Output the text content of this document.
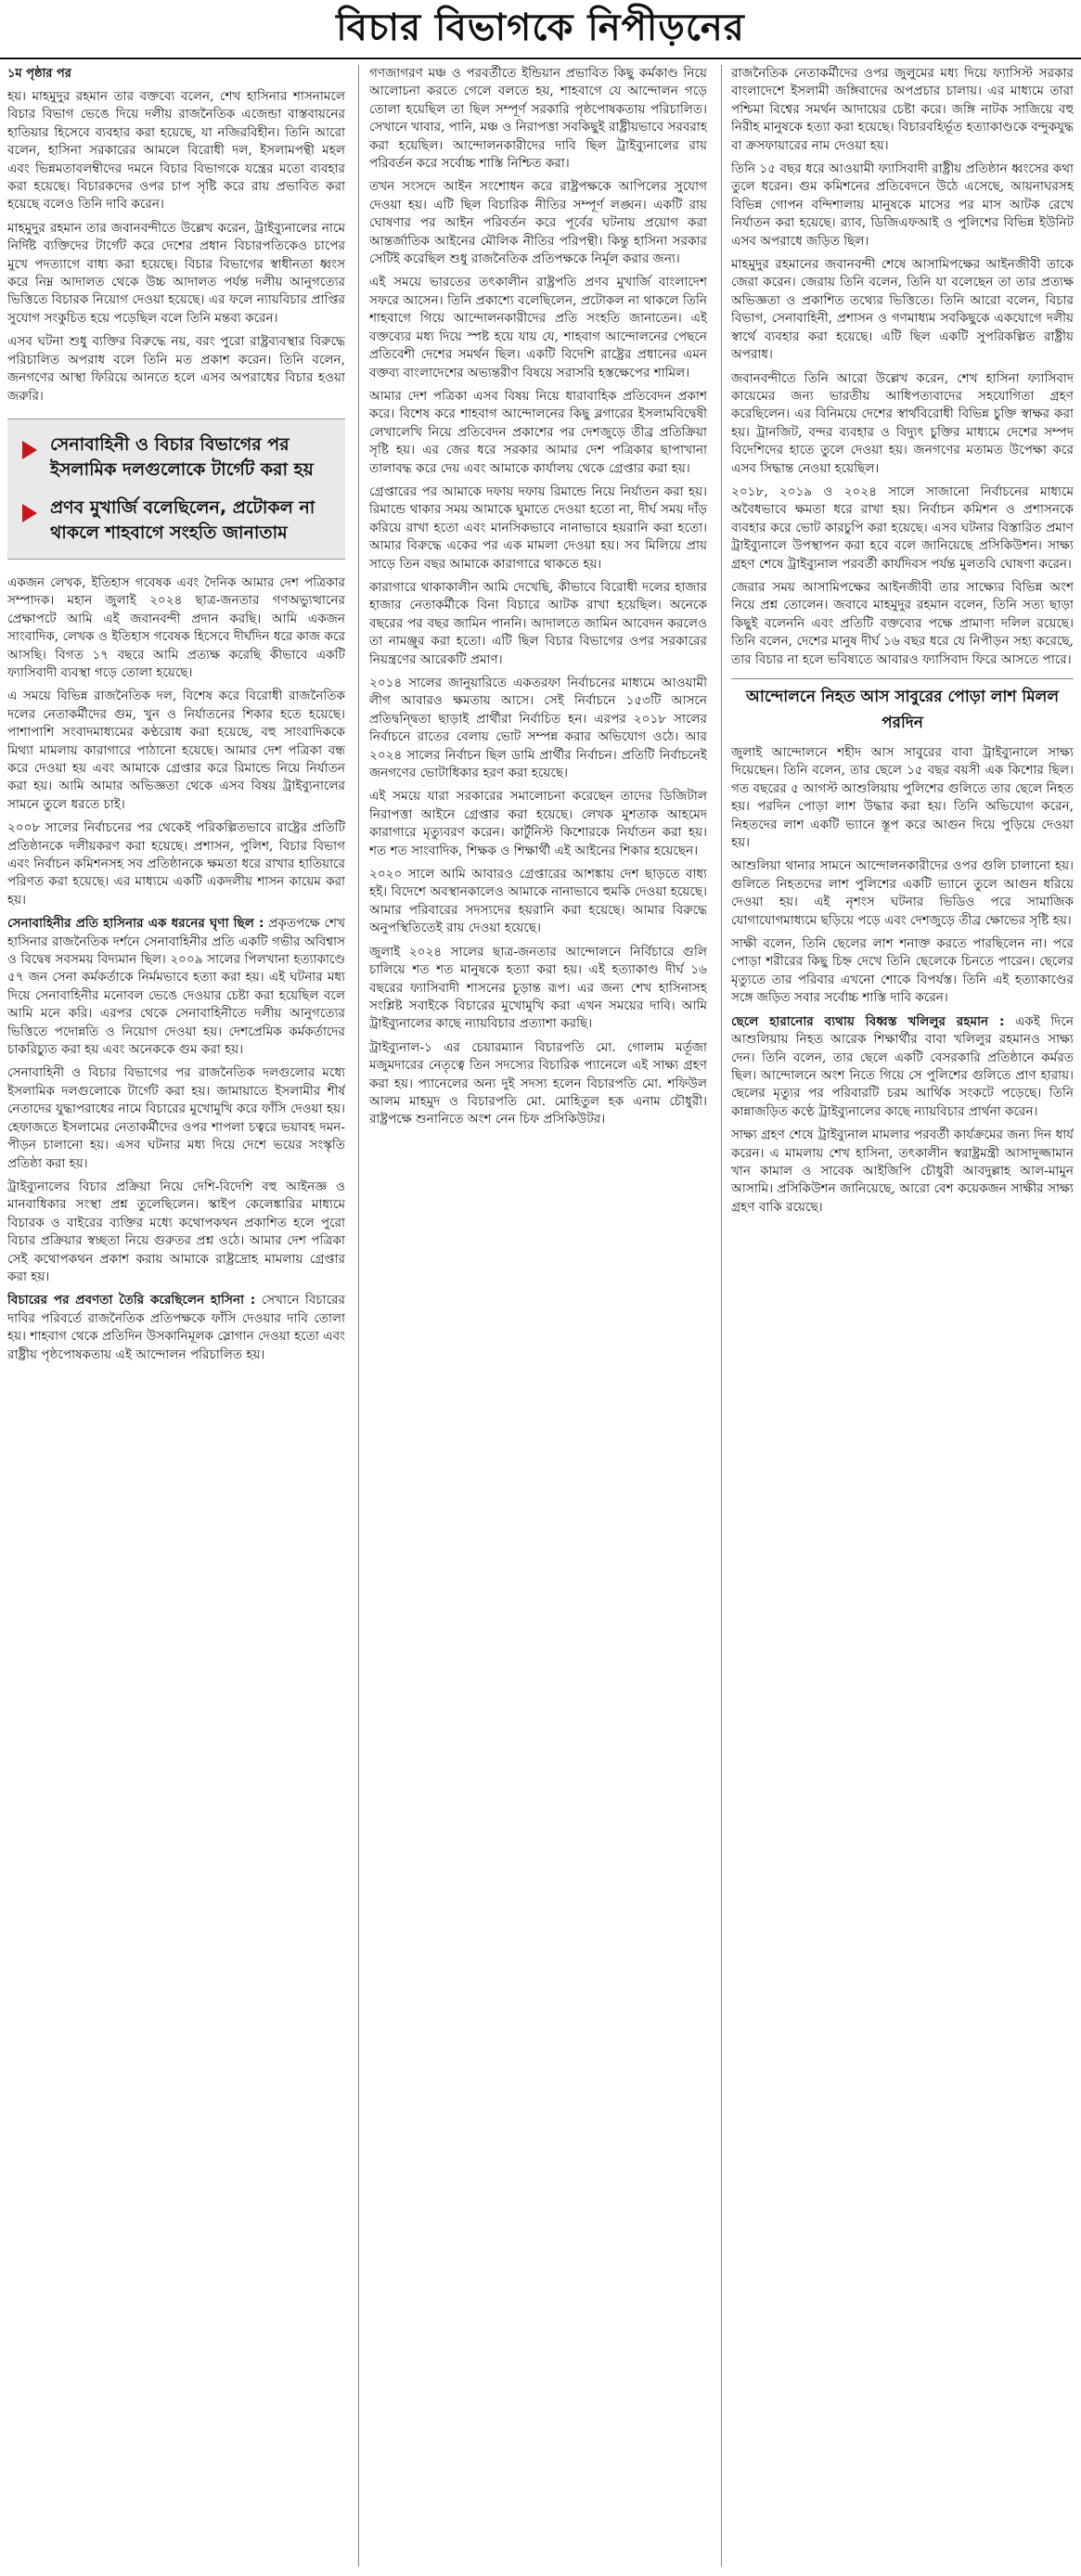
বিচার বিভাগকে নিপীড়নের
১ম পৃষ্ঠার পর

হয়। মাহমুদুর রহমান তার বক্তব্যে বলেন, শেখ হাসিনার শাসনামলে বিচার বিভাগ ভেঙে দিয়ে দলীয় রাজনৈতিক এজেন্ডা বাস্তবায়নের হাতিয়ার হিসেবে ব্যবহার করা হয়েছে, যা নজিরবিহীন। তিনি আরো বলেন, হাসিনা সরকারের আমলে বিরোধী দল, ইসলামপন্থী মহল এবং ভিন্নমতাবলম্বীদের দমনে বিচার বিভাগকে যন্ত্রের মতো ব্যবহার করা হয়েছে। বিচারকদের ওপর চাপ সৃষ্টি করে রায় প্রভাবিত করা হয়েছে বলেও তিনি দাবি করেন।

মাহমুদুর রহমান তার জবানবন্দীতে উল্লেখ করেন, ট্রাইব্যুনালের নামে নির্দিষ্ট ব্যক্তিদের টার্গেট করে দেশের প্রধান বিচারপতিকেও চাপের মুখে পদত্যাগে বাধ্য করা হয়েছে। বিচার বিভাগের স্বাধীনতা ধ্বংস করে নিম্ন আদালত থেকে উচ্চ আদালত পর্যন্ত দলীয় আনুগত্যের ভিত্তিতে বিচারক নিয়োগ দেওয়া হয়েছে। এর ফলে ন্যায়বিচার প্রাপ্তির সুযোগ সংকুচিত হয়ে পড়েছিল বলে তিনি মন্তব্য করেন।

এসব ঘটনা শুধু ব্যক্তির বিরুদ্ধে নয়, বরং পুরো রাষ্ট্রব্যবস্থার বিরুদ্ধে পরিচালিত অপরাধ বলে তিনি মত প্রকাশ করেন। তিনি বলেন, জনগণের আস্থা ফিরিয়ে আনতে হলে এসব অপরাধের বিচার হওয়া জরুরি।

সেনাবাহিনী ও বিচার বিভাগের পর ইসলামিক দলগুলোকে টার্গেট করা হয়
প্রণব মুখার্জি বলেছিলেন, প্রটোকল না থাকলে শাহবাগে সংহতি জানাতাম

একজন লেখক, ইতিহাস গবেষক এবং দৈনিক আমার দেশ পত্রিকার সম্পাদক। মহান জুলাই ২০২৪ ছাত্র-জনতার গণঅভ্যুত্থানের প্রেক্ষাপটে আমি এই জবানবন্দী প্রদান করছি। আমি একজন সাংবাদিক, লেখক ও ইতিহাস গবেষক হিসেবে দীর্ঘদিন ধরে কাজ করে আসছি। বিগত ১৭ বছরে আমি প্রত্যক্ষ করেছি কীভাবে একটি ফ্যাসিবাদী ব্যবস্থা গড়ে তোলা হয়েছে।

এ সময়ে বিভিন্ন রাজনৈতিক দল, বিশেষ করে বিরোধী রাজনৈতিক দলের নেতাকর্মীদের গুম, খুন ও নির্যাতনের শিকার হতে হয়েছে। পাশাপাশি সংবাদমাধ্যমের কণ্ঠরোধ করা হয়েছে, বহু সাংবাদিককে মিথ্যা মামলায় কারাগারে পাঠানো হয়েছে। আমার দেশ পত্রিকা বন্ধ করে দেওয়া হয় এবং আমাকে গ্রেপ্তার করে রিমান্ডে নিয়ে নির্যাতন করা হয়। আমি আমার অভিজ্ঞতা থেকে এসব বিষয় ট্রাইব্যুনালের সামনে তুলে ধরতে চাই।

২০০৮ সালের নির্বাচনের পর থেকেই পরিকল্পিতভাবে রাষ্ট্রের প্রতিটি প্রতিষ্ঠানকে দলীয়করণ করা হয়েছে। প্রশাসন, পুলিশ, বিচার বিভাগ এবং নির্বাচন কমিশনসহ সব প্রতিষ্ঠানকে ক্ষমতা ধরে রাখার হাতিয়ারে পরিণত করা হয়েছে। এর মাধ্যমে একটি একদলীয় শাসন কায়েম করা হয়।

সেনাবাহিনীর প্রতি হাসিনার এক ধরনের ঘৃণা ছিল : প্রকৃতপক্ষে শেখ হাসিনার রাজনৈতিক দর্শনে সেনাবাহিনীর প্রতি একটি গভীর অবিশ্বাস ও বিদ্বেষ সবসময় বিদ্যমান ছিল। ২০০৯ সালের পিলখানা হত্যাকাণ্ডে ৫৭ জন সেনা কর্মকর্তাকে নির্মমভাবে হত্যা করা হয়। এই ঘটনার মধ্য দিয়ে সেনাবাহিনীর মনোবল ভেঙে দেওয়ার চেষ্টা করা হয়েছিল বলে আমি মনে করি। এরপর থেকে সেনাবাহিনীতে দলীয় আনুগত্যের ভিত্তিতে পদোন্নতি ও নিয়োগ দেওয়া হয়। দেশপ্রেমিক কর্মকর্তাদের চাকরিচ্যুত করা হয় এবং অনেককে গুম করা হয়।

সেনাবাহিনী ও বিচার বিভাগের পর রাজনৈতিক দলগুলোর মধ্যে ইসলামিক দলগুলোকে টার্গেট করা হয়। জামায়াতে ইসলামীর শীর্ষ নেতাদের যুদ্ধাপরাধের নামে বিচারের মুখোমুখি করে ফাঁসি দেওয়া হয়। হেফাজতে ইসলামের নেতাকর্মীদের ওপর শাপলা চত্বরে ভয়াবহ দমন-পীড়ন চালানো হয়। এসব ঘটনার মধ্য দিয়ে দেশে ভয়ের সংস্কৃতি প্রতিষ্ঠা করা হয়।

ট্রাইব্যুনালের বিচার প্রক্রিয়া নিয়ে দেশি-বিদেশি বহু আইনজ্ঞ ও মানবাধিকার সংস্থা প্রশ্ন তুলেছিলেন। স্কাইপ কেলেঙ্কারির মাধ্যমে বিচারক ও বাইরের ব্যক্তির মধ্যে কথোপকথন প্রকাশিত হলে পুরো বিচার প্রক্রিয়ার স্বচ্ছতা নিয়ে গুরুতর প্রশ্ন ওঠে। আমার দেশ পত্রিকা সেই কথোপকথন প্রকাশ করায় আমাকে রাষ্ট্রদ্রোহ মামলায় গ্রেপ্তার করা হয়।

বিচারের পর প্রবণতা তৈরি করেছিলেন হাসিনা : সেখানে বিচারের দাবির পরিবর্তে রাজনৈতিক প্রতিপক্ষকে ফাঁসি দেওয়ার দাবি তোলা হয়। শাহবাগ থেকে প্রতিদিন উসকানিমূলক স্লোগান দেওয়া হতো এবং রাষ্ট্রীয় পৃষ্ঠপোষকতায় এই আন্দোলন পরিচালিত হয়।

গণজাগরণ মঞ্চ ও পরবর্তীতে ইন্ডিয়ান প্রভাবিত কিছু কর্মকাণ্ড নিয়ে আলোচনা করতে গেলে বলতে হয়, শাহবাগে যে আন্দোলন গড়ে তোলা হয়েছিল তা ছিল সম্পূর্ণ সরকারি পৃষ্ঠপোষকতায় পরিচালিত। সেখানে খাবার, পানি, মঞ্চ ও নিরাপত্তা সবকিছুই রাষ্ট্রীয়ভাবে সরবরাহ করা হয়েছিল। আন্দোলনকারীদের দাবি ছিল ট্রাইব্যুনালের রায় পরিবর্তন করে সর্বোচ্চ শাস্তি নিশ্চিত করা।

তখন সংসদে আইন সংশোধন করে রাষ্ট্রপক্ষকে আপিলের সুযোগ দেওয়া হয়। এটি ছিল বিচারিক নীতির সম্পূর্ণ লঙ্ঘন। একটি রায় ঘোষণার পর আইন পরিবর্তন করে পূর্বের ঘটনায় প্রয়োগ করা আন্তর্জাতিক আইনের মৌলিক নীতির পরিপন্থী। কিন্তু হাসিনা সরকার সেটিই করেছিল শুধু রাজনৈতিক প্রতিপক্ষকে নির্মূল করার জন্য।

এই সময়ে ভারতের তৎকালীন রাষ্ট্রপতি প্রণব মুখার্জি বাংলাদেশ সফরে আসেন। তিনি প্রকাশ্যে বলেছিলেন, প্রটোকল না থাকলে তিনি শাহবাগে গিয়ে আন্দোলনকারীদের প্রতি সংহতি জানাতেন। এই বক্তব্যের মধ্য দিয়ে স্পষ্ট হয়ে যায় যে, শাহবাগ আন্দোলনের পেছনে প্রতিবেশী দেশের সমর্থন ছিল। একটি বিদেশি রাষ্ট্রের প্রধানের এমন বক্তব্য বাংলাদেশের অভ্যন্তরীণ বিষয়ে সরাসরি হস্তক্ষেপের শামিল।

আমার দেশ পত্রিকা এসব বিষয় নিয়ে ধারাবাহিক প্রতিবেদন প্রকাশ করে। বিশেষ করে শাহবাগ আন্দোলনের কিছু ব্লগারের ইসলামবিদ্বেষী লেখালেখি নিয়ে প্রতিবেদন প্রকাশের পর দেশজুড়ে তীব্র প্রতিক্রিয়া সৃষ্টি হয়। এর জের ধরে সরকার আমার দেশ পত্রিকার ছাপাখানা তালাবদ্ধ করে দেয় এবং আমাকে কার্যালয় থেকে গ্রেপ্তার করা হয়।

গ্রেপ্তারের পর আমাকে দফায় দফায় রিমান্ডে নিয়ে নির্যাতন করা হয়। রিমান্ডে থাকার সময় আমাকে ঘুমাতে দেওয়া হতো না, দীর্ঘ সময় দাঁড় করিয়ে রাখা হতো এবং মানসিকভাবে নানাভাবে হয়রানি করা হতো। আমার বিরুদ্ধে একের পর এক মামলা দেওয়া হয়। সব মিলিয়ে প্রায় সাড়ে তিন বছর আমাকে কারাগারে থাকতে হয়।

কারাগারে থাকাকালীন আমি দেখেছি, কীভাবে বিরোধী দলের হাজার হাজার নেতাকর্মীকে বিনা বিচারে আটক রাখা হয়েছিল। অনেকে বছরের পর বছর জামিন পাননি। আদালতে জামিন আবেদন করলেও তা নামঞ্জুর করা হতো। এটি ছিল বিচার বিভাগের ওপর সরকারের নিয়ন্ত্রণের আরেকটি প্রমাণ।

২০১৪ সালের জানুয়ারিতে একতরফা নির্বাচনের মাধ্যমে আওয়ামী লীগ আবারও ক্ষমতায় আসে। সেই নির্বাচনে ১৫৩টি আসনে প্রতিদ্বন্দ্বিতা ছাড়াই প্রার্থীরা নির্বাচিত হন। এরপর ২০১৮ সালের নির্বাচনে রাতের বেলায় ভোট সম্পন্ন করার অভিযোগ ওঠে। আর ২০২৪ সালের নির্বাচন ছিল ডামি প্রার্থীর নির্বাচন। প্রতিটি নির্বাচনেই জনগণের ভোটাধিকার হরণ করা হয়েছে।

এই সময়ে যারা সরকারের সমালোচনা করেছেন তাদের ডিজিটাল নিরাপত্তা আইনে গ্রেপ্তার করা হয়েছে। লেখক মুশতাক আহমেদ কারাগারে মৃত্যুবরণ করেন। কার্টুনিস্ট কিশোরকে নির্যাতন করা হয়। শত শত সাংবাদিক, শিক্ষক ও শিক্ষার্থী এই আইনের শিকার হয়েছেন।

২০২০ সালে আমি আবারও গ্রেপ্তারের আশঙ্কায় দেশ ছাড়তে বাধ্য হই। বিদেশে অবস্থানকালেও আমাকে নানাভাবে হুমকি দেওয়া হয়েছে। আমার পরিবারের সদস্যদের হয়রানি করা হয়েছে। আমার বিরুদ্ধে অনুপস্থিতিতেই রায় দেওয়া হয়েছে।

জুলাই ২০২৪ সালের ছাত্র-জনতার আন্দোলনে নির্বিচারে গুলি চালিয়ে শত শত মানুষকে হত্যা করা হয়। এই হত্যাকাণ্ড দীর্ঘ ১৬ বছরের ফ্যাসিবাদী শাসনের চূড়ান্ত রূপ। এর জন্য শেখ হাসিনাসহ সংশ্লিষ্ট সবাইকে বিচারের মুখোমুখি করা এখন সময়ের দাবি। আমি ট্রাইব্যুনালের কাছে ন্যায়বিচার প্রত্যাশা করছি।

ট্রাইব্যুনাল-১ এর চেয়ারম্যান বিচারপতি মো. গোলাম মর্তূজা মজুমদারের নেতৃত্বে তিন সদস্যের বিচারিক প্যানেলে এই সাক্ষ্য গ্রহণ করা হয়। প্যানেলের অন্য দুই সদস্য হলেন বিচারপতি মো. শফিউল আলম মাহমুদ ও বিচারপতি মো. মোহিতুল হক এনাম চৌধুরী। রাষ্ট্রপক্ষে শুনানিতে অংশ নেন চিফ প্রসিকিউটর।

রাজনৈতিক নেতাকর্মীদের ওপর জুলুমের মধ্য দিয়ে ফ্যাসিস্ট সরকার বাংলাদেশে ইসলামী জঙ্গিবাদের অপপ্রচার চালায়। এর মাধ্যমে তারা পশ্চিমা বিশ্বের সমর্থন আদায়ের চেষ্টা করে। জঙ্গি নাটক সাজিয়ে বহু নিরীহ মানুষকে হত্যা করা হয়েছে। বিচারবহির্ভূত হত্যাকাণ্ডকে বন্দুকযুদ্ধ বা ক্রসফায়ারের নাম দেওয়া হয়।

তিনি ১৫ বছর ধরে আওয়ামী ফ্যাসিবাদী রাষ্ট্রীয় প্রতিষ্ঠান ধ্বংসের কথা তুলে ধরেন। গুম কমিশনের প্রতিবেদনে উঠে এসেছে, আয়নাঘরসহ বিভিন্ন গোপন বন্দিশালায় মানুষকে মাসের পর মাস আটক রেখে নির্যাতন করা হয়েছে। র‍্যাব, ডিজিএফআই ও পুলিশের বিভিন্ন ইউনিট এসব অপরাধে জড়িত ছিল।

মাহমুদুর রহমানের জবানবন্দী শেষে আসামিপক্ষের আইনজীবী তাকে জেরা করেন। জেরায় তিনি বলেন, তিনি যা বলেছেন তা তার প্রত্যক্ষ অভিজ্ঞতা ও প্রকাশিত তথ্যের ভিত্তিতে। তিনি আরো বলেন, বিচার বিভাগ, সেনাবাহিনী, প্রশাসন ও গণমাধ্যম সবকিছুকে একযোগে দলীয় স্বার্থে ব্যবহার করা হয়েছে। এটি ছিল একটি সুপরিকল্পিত রাষ্ট্রীয় অপরাধ।

জবানবন্দীতে তিনি আরো উল্লেখ করেন, শেখ হাসিনা ফ্যাসিবাদ কায়েমের জন্য ভারতীয় আধিপত্যবাদের সহযোগিতা গ্রহণ করেছিলেন। এর বিনিময়ে দেশের স্বার্থবিরোধী বিভিন্ন চুক্তি স্বাক্ষর করা হয়। ট্রানজিট, বন্দর ব্যবহার ও বিদ্যুৎ চুক্তির মাধ্যমে দেশের সম্পদ বিদেশিদের হাতে তুলে দেওয়া হয়। জনগণের মতামত উপেক্ষা করে এসব সিদ্ধান্ত নেওয়া হয়েছিল।

২০১৮, ২০১৯ ও ২০২৪ সালে সাজানো নির্বাচনের মাধ্যমে অবৈধভাবে ক্ষমতা ধরে রাখা হয়। নির্বাচন কমিশন ও প্রশাসনকে ব্যবহার করে ভোট কারচুপি করা হয়েছে। এসব ঘটনার বিস্তারিত প্রমাণ ট্রাইব্যুনালে উপস্থাপন করা হবে বলে জানিয়েছে প্রসিকিউশন। সাক্ষ্য গ্রহণ শেষে ট্রাইব্যুনাল পরবর্তী কার্যদিবস পর্যন্ত মুলতবি ঘোষণা করেন।

জেরার সময় আসামিপক্ষের আইনজীবী তার সাক্ষ্যের বিভিন্ন অংশ নিয়ে প্রশ্ন তোলেন। জবাবে মাহমুদুর রহমান বলেন, তিনি সত্য ছাড়া কিছুই বলেননি এবং প্রতিটি বক্তব্যের পক্ষে প্রামাণ্য দলিল রয়েছে। তিনি বলেন, দেশের মানুষ দীর্ঘ ১৬ বছর ধরে যে নিপীড়ন সহ্য করেছে, তার বিচার না হলে ভবিষ্যতে আবারও ফ্যাসিবাদ ফিরে আসতে পারে।

আন্দোলনে নিহত আস সাবুরের পোড়া লাশ মিলল পরদিন

জুলাই আন্দোলনে শহীদ আস সাবুরের বাবা ট্রাইব্যুনালে সাক্ষ্য দিয়েছেন। তিনি বলেন, তার ছেলে ১৫ বছর বয়সী এক কিশোর ছিল। গত বছরের ৫ আগস্ট আশুলিয়ায় পুলিশের গুলিতে তার ছেলে নিহত হয়। পরদিন পোড়া লাশ উদ্ধার করা হয়। তিনি অভিযোগ করেন, নিহতদের লাশ একটি ভ্যানে স্তূপ করে আগুন দিয়ে পুড়িয়ে দেওয়া হয়।

আশুলিয়া থানার সামনে আন্দোলনকারীদের ওপর গুলি চালানো হয়। গুলিতে নিহতদের লাশ পুলিশের একটি ভ্যানে তুলে আগুন ধরিয়ে দেওয়া হয়। এই নৃশংস ঘটনার ভিডিও পরে সামাজিক যোগাযোগমাধ্যমে ছড়িয়ে পড়ে এবং দেশজুড়ে তীব্র ক্ষোভের সৃষ্টি হয়।

সাক্ষী বলেন, তিনি ছেলের লাশ শনাক্ত করতে পারছিলেন না। পরে পোড়া শরীরের কিছু চিহ্ন দেখে তিনি ছেলেকে চিনতে পারেন। ছেলের মৃত্যুতে তার পরিবার এখনো শোকে বিপর্যস্ত। তিনি এই হত্যাকাণ্ডের সঙ্গে জড়িত সবার সর্বোচ্চ শাস্তি দাবি করেন।

ছেলে হারানোর ব্যথায় বিধ্বস্ত খলিলুর রহমান : একই দিনে আশুলিয়ায় নিহত আরেক শিক্ষার্থীর বাবা খলিলুর রহমানও সাক্ষ্য দেন। তিনি বলেন, তার ছেলে একটি বেসরকারি প্রতিষ্ঠানে কর্মরত ছিল। আন্দোলনে অংশ নিতে গিয়ে সে পুলিশের গুলিতে প্রাণ হারায়। ছেলের মৃত্যুর পর পরিবারটি চরম আর্থিক সংকটে পড়েছে। তিনি কান্নাজড়িত কণ্ঠে ট্রাইব্যুনালের কাছে ন্যায়বিচার প্রার্থনা করেন।

সাক্ষ্য গ্রহণ শেষে ট্রাইব্যুনাল মামলার পরবর্তী কার্যক্রমের জন্য দিন ধার্য করেন। এ মামলায় শেখ হাসিনা, তৎকালীন স্বরাষ্ট্রমন্ত্রী আসাদুজ্জামান খান কামাল ও সাবেক আইজিপি চৌধুরী আবদুল্লাহ আল-মামুন আসামি। প্রসিকিউশন জানিয়েছে, আরো বেশ কয়েকজন সাক্ষীর সাক্ষ্য গ্রহণ বাকি রয়েছে।
